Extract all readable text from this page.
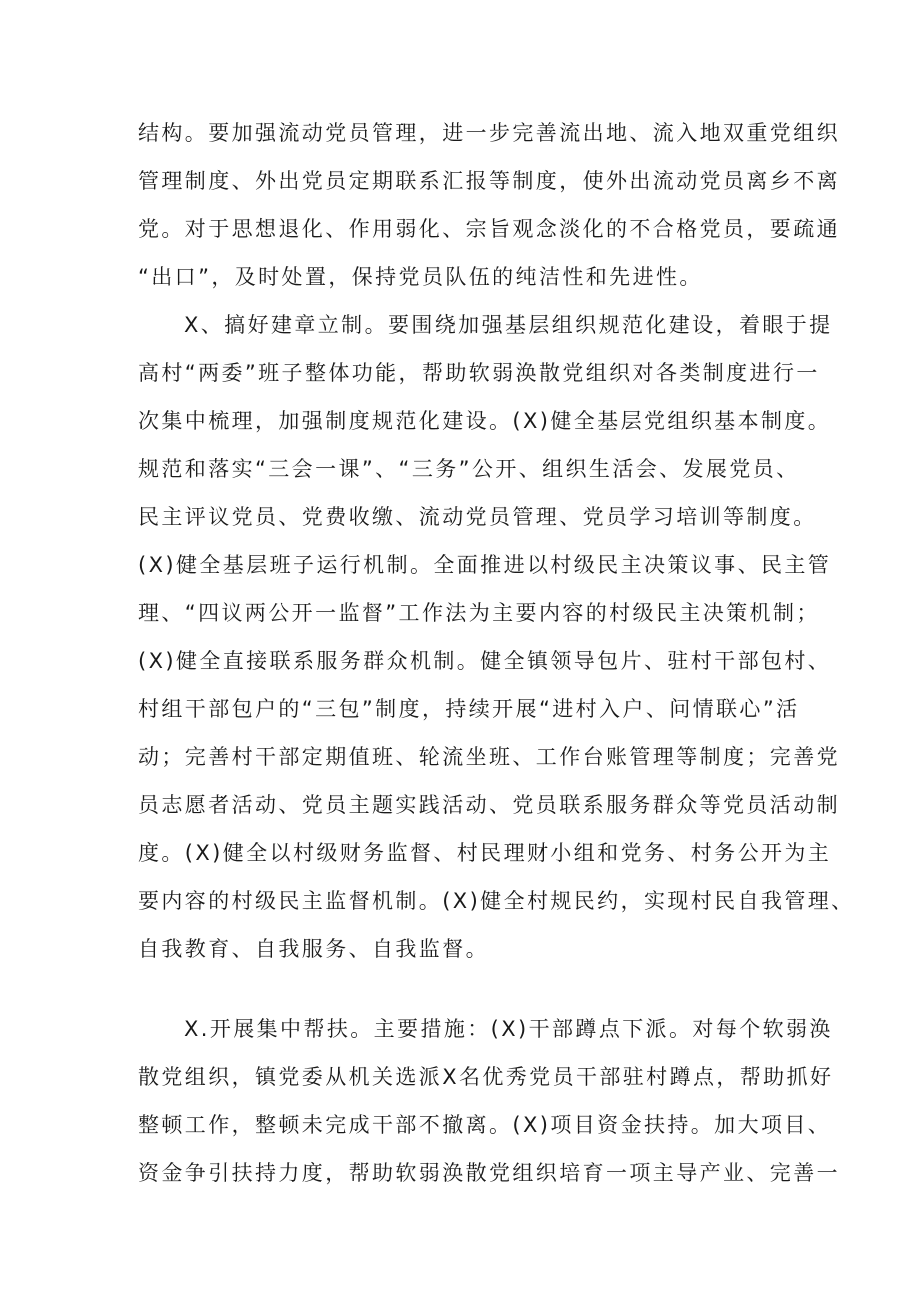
结构。要加强流动党员管理，进一步完善流出地、流入地双重党组织
管理制度、外出党员定期联系汇报等制度，使外出流动党员离乡不离
党。对于思想退化、作用弱化、宗旨观念淡化的不合格党员，要疏通
“出口”，及时处置，保持党员队伍的纯洁性和先进性。
X、搞好建章立制。要围绕加强基层组织规范化建设，着眼于提
高村“两委”班子整体功能，帮助软弱涣散党组织对各类制度进行一
次集中梳理，加强制度规范化建设。(X)健全基层党组织基本制度。
规范和落实“三会一课”、“三务”公开、组织生活会、发展党员、
民主评议党员、党费收缴、流动党员管理、党员学习培训等制度。
(X)健全基层班子运行机制。全面推进以村级民主决策议事、民主管
理、“四议两公开一监督”工作法为主要内容的村级民主决策机制；
(X)健全直接联系服务群众机制。健全镇领导包片、驻村干部包村、
村组干部包户的“三包”制度，持续开展“进村入户、问情联心”活
动；完善村干部定期值班、轮流坐班、工作台账管理等制度；完善党
员志愿者活动、党员主题实践活动、党员联系服务群众等党员活动制
度。(X)健全以村级财务监督、村民理财小组和党务、村务公开为主
要内容的村级民主监督机制。(X)健全村规民约，实现村民自我管理、
自我教育、自我服务、自我监督。
X.开展集中帮扶。主要措施：(X)干部蹲点下派。对每个软弱涣
散党组织，镇党委从机关选派X名优秀党员干部驻村蹲点，帮助抓好
整顿工作，整顿未完成干部不撤离。(X)项目资金扶持。加大项目、
资金争引扶持力度，帮助软弱涣散党组织培育一项主导产业、完善一
